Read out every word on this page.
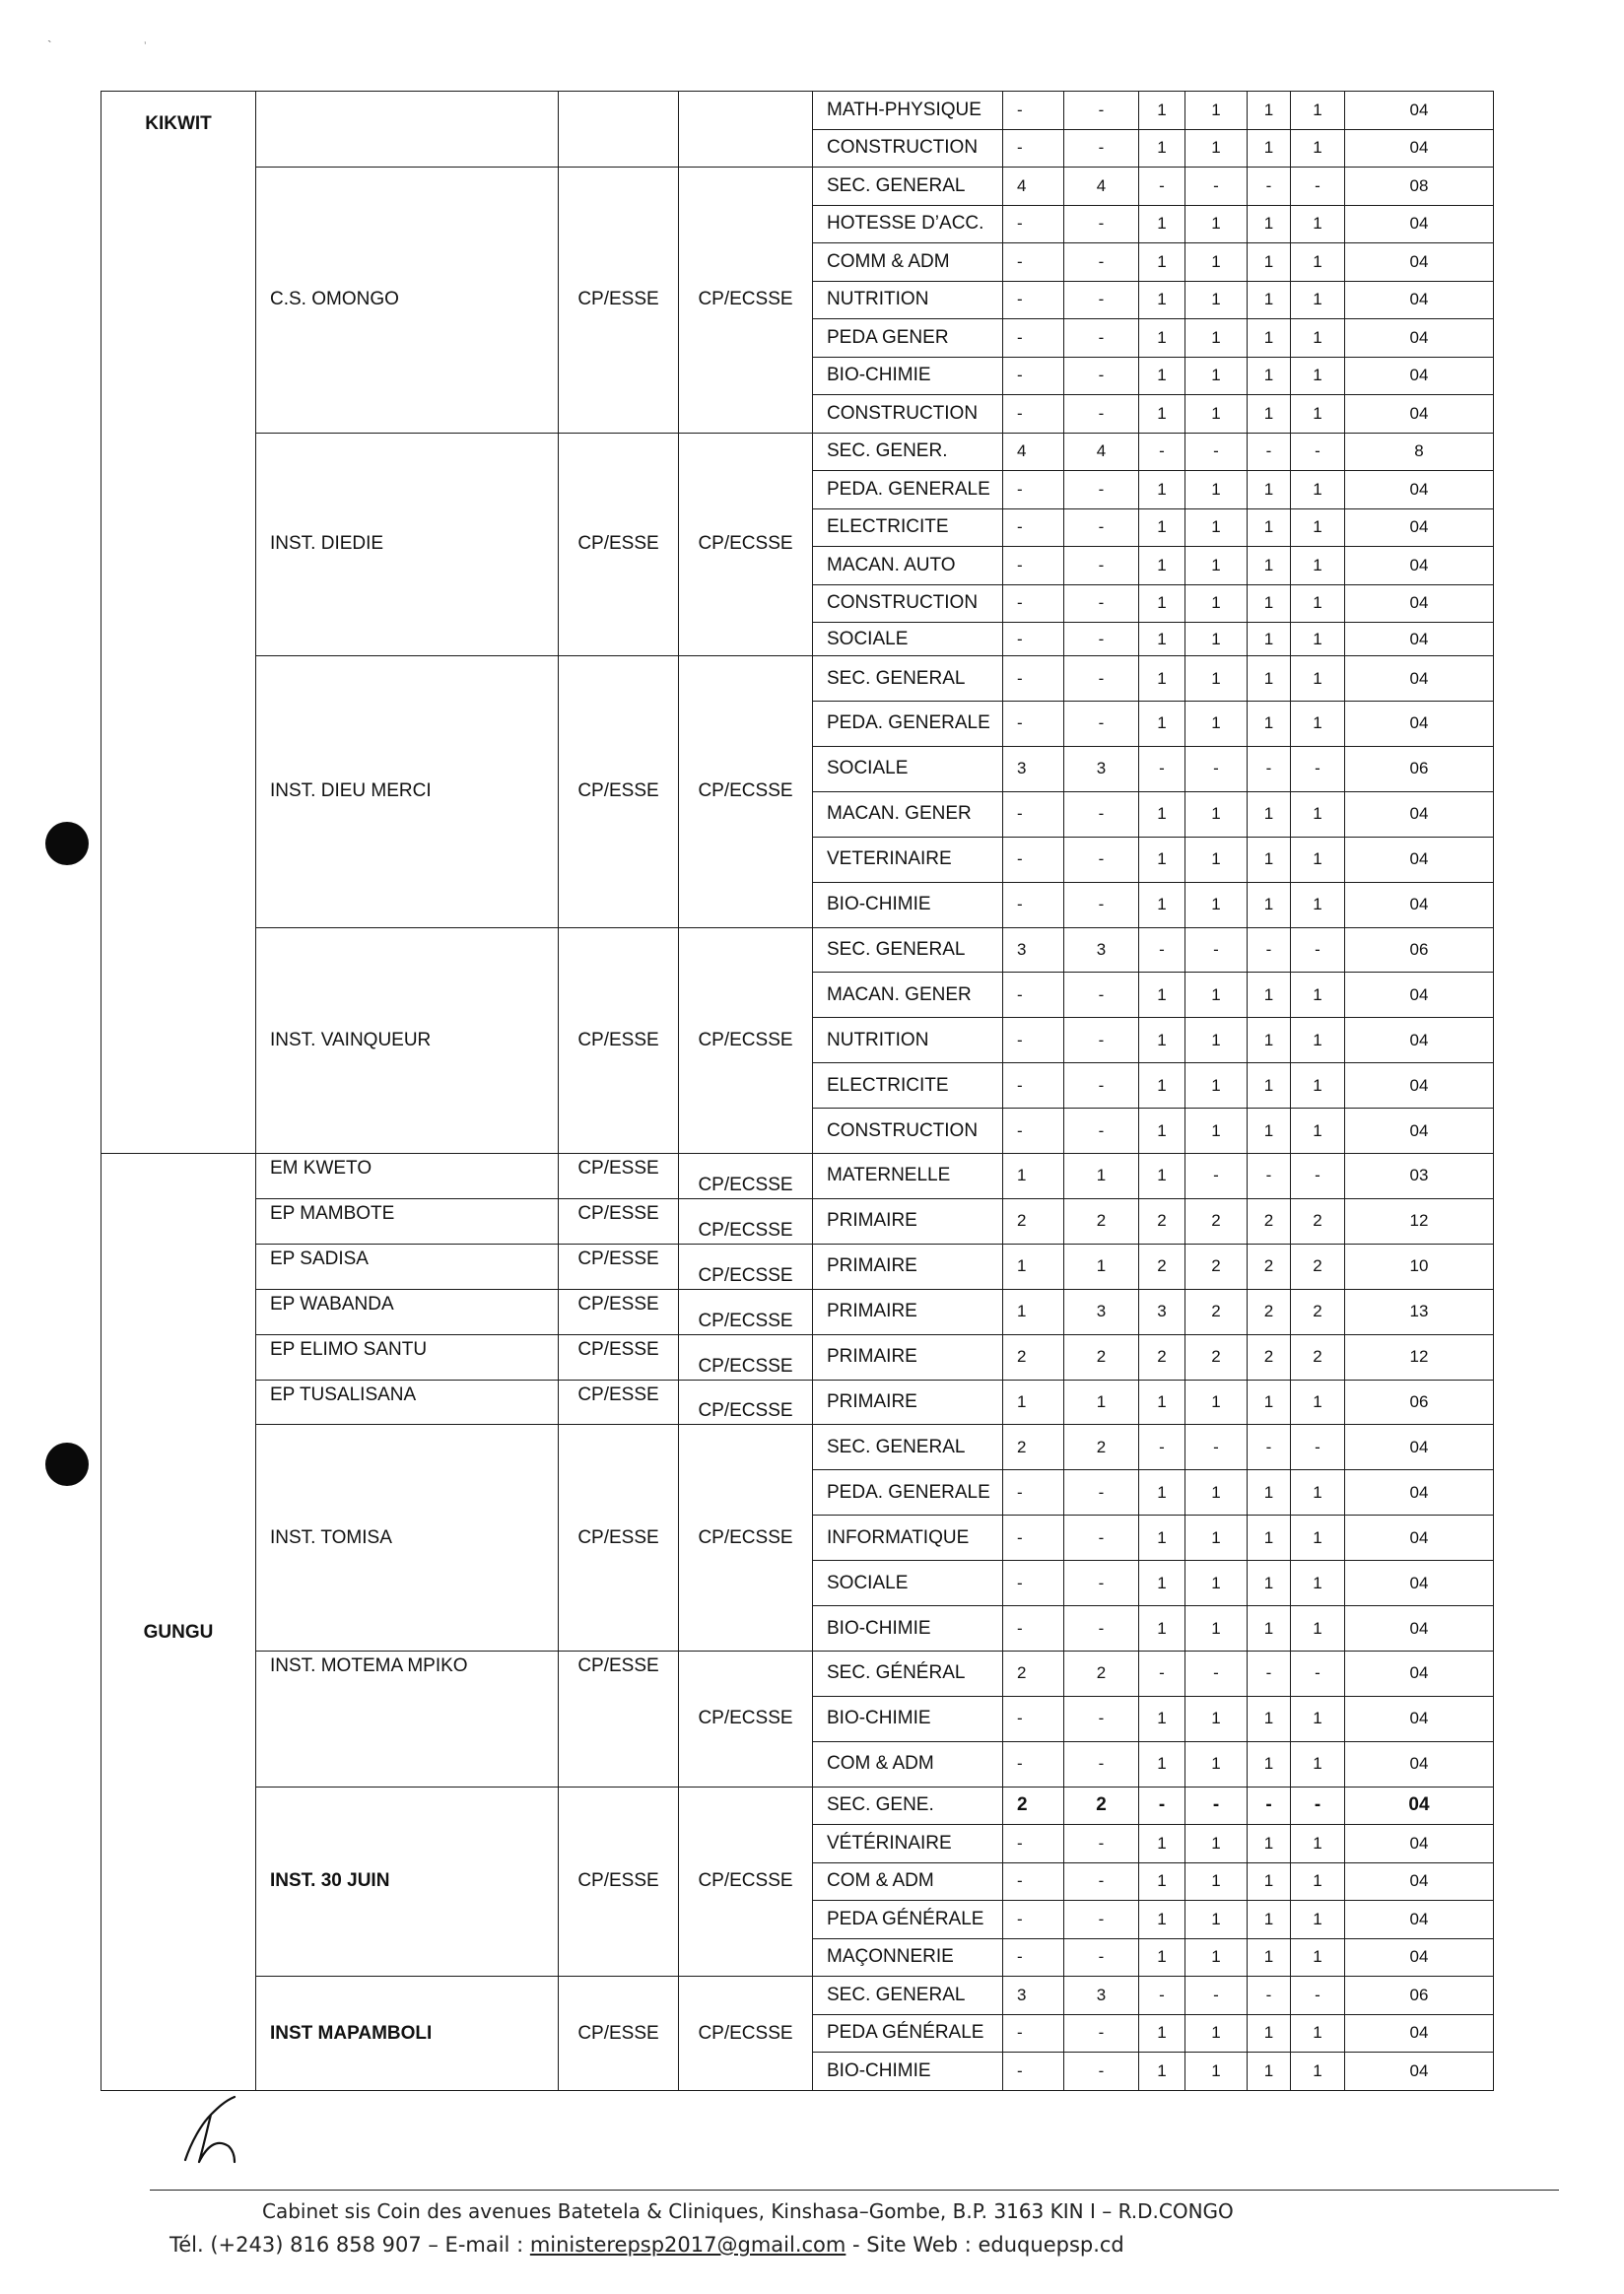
`	ʼ
KIKWIT				MATH-PHYSIQUE	-	-	1	1	1	1	04
				CONSTRUCTION	-	-	1	1	1	1	04
	C.S. OMONGO	CP/ESSE	CP/ECSSE	SEC. GENERAL	4	4	-	-	-	-	08
				HOTESSE D’ACC.	-	-	1	1	1	1	04
				COMM & ADM	-	-	1	1	1	1	04
				NUTRITION	-	-	1	1	1	1	04
				PEDA GENER	-	-	1	1	1	1	04
				BIO-CHIMIE	-	-	1	1	1	1	04
				CONSTRUCTION	-	-	1	1	1	1	04
	INST. DIEDIE	CP/ESSE	CP/ECSSE	SEC. GENER.	4	4	-	-	-	-	8
				PEDA. GENERALE	-	-	1	1	1	1	04
				ELECTRICITE	-	-	1	1	1	1	04
				MACAN. AUTO	-	-	1	1	1	1	04
				CONSTRUCTION	-	-	1	1	1	1	04
				SOCIALE	-	-	1	1	1	1	04
	INST. DIEU MERCI	CP/ESSE	CP/ECSSE	SEC. GENERAL	-	-	1	1	1	1	04
				PEDA. GENERALE	-	-	1	1	1	1	04
				SOCIALE	3	3	-	-	-	-	06
				MACAN. GENER	-	-	1	1	1	1	04
				VETERINAIRE	-	-	1	1	1	1	04
				BIO-CHIMIE	-	-	1	1	1	1	04
	INST. VAINQUEUR	CP/ESSE	CP/ECSSE	SEC. GENERAL	3	3	-	-	-	-	06
				MACAN. GENER	-	-	1	1	1	1	04
				NUTRITION	-	-	1	1	1	1	04
				ELECTRICITE	-	-	1	1	1	1	04
				CONSTRUCTION	-	-	1	1	1	1	04
GUNGU	EM KWETO	CP/ESSE	CP/ECSSE	MATERNELLE	1	1	1	-	-	-	03
	EP MAMBOTE	CP/ESSE	CP/ECSSE	PRIMAIRE	2	2	2	2	2	2	12
	EP SADISA	CP/ESSE	CP/ECSSE	PRIMAIRE	1	1	2	2	2	2	10
	EP WABANDA	CP/ESSE	CP/ECSSE	PRIMAIRE	1	3	3	2	2	2	13
	EP ELIMO SANTU	CP/ESSE	CP/ECSSE	PRIMAIRE	2	2	2	2	2	2	12
	EP TUSALISANA	CP/ESSE	CP/ECSSE	PRIMAIRE	1	1	1	1	1	1	06
	INST. TOMISA	CP/ESSE	CP/ECSSE	SEC. GENERAL	2	2	-	-	-	-	04
				PEDA. GENERALE	-	-	1	1	1	1	04
				INFORMATIQUE	-	-	1	1	1	1	04
				SOCIALE	-	-	1	1	1	1	04
				BIO-CHIMIE	-	-	1	1	1	1	04
	INST. MOTEMA MPIKO	CP/ESSE	CP/ECSSE	SEC. GÉNÉRAL	2	2	-	-	-	-	04
				BIO-CHIMIE	-	-	1	1	1	1	04
				COM & ADM	-	-	1	1	1	1	04
	INST. 30 JUIN	CP/ESSE	CP/ECSSE	SEC. GENE.	2	2	-	-	-	-	04
				VÉTÉRINAIRE	-	-	1	1	1	1	04
				COM & ADM	-	-	1	1	1	1	04
				PEDA GÉNÉRALE	-	-	1	1	1	1	04
				MAÇONNERIE	-	-	1	1	1	1	04
	INST MAPAMBOLI	CP/ESSE	CP/ECSSE	SEC. GENERAL	3	3	-	-	-	-	06
				PEDA GÉNÉRALE	-	-	1	1	1	1	04
				BIO-CHIMIE	-	-	1	1	1	1	04
Cabinet sis Coin des avenues Batetela & Cliniques, Kinshasa–Gombe, B.P. 3163 KIN I – R.D.CONGO
Tél. (+243) 816 858 907 – E-mail : ministerepsp2017@gmail.com - Site Web : eduquepsp.cd
